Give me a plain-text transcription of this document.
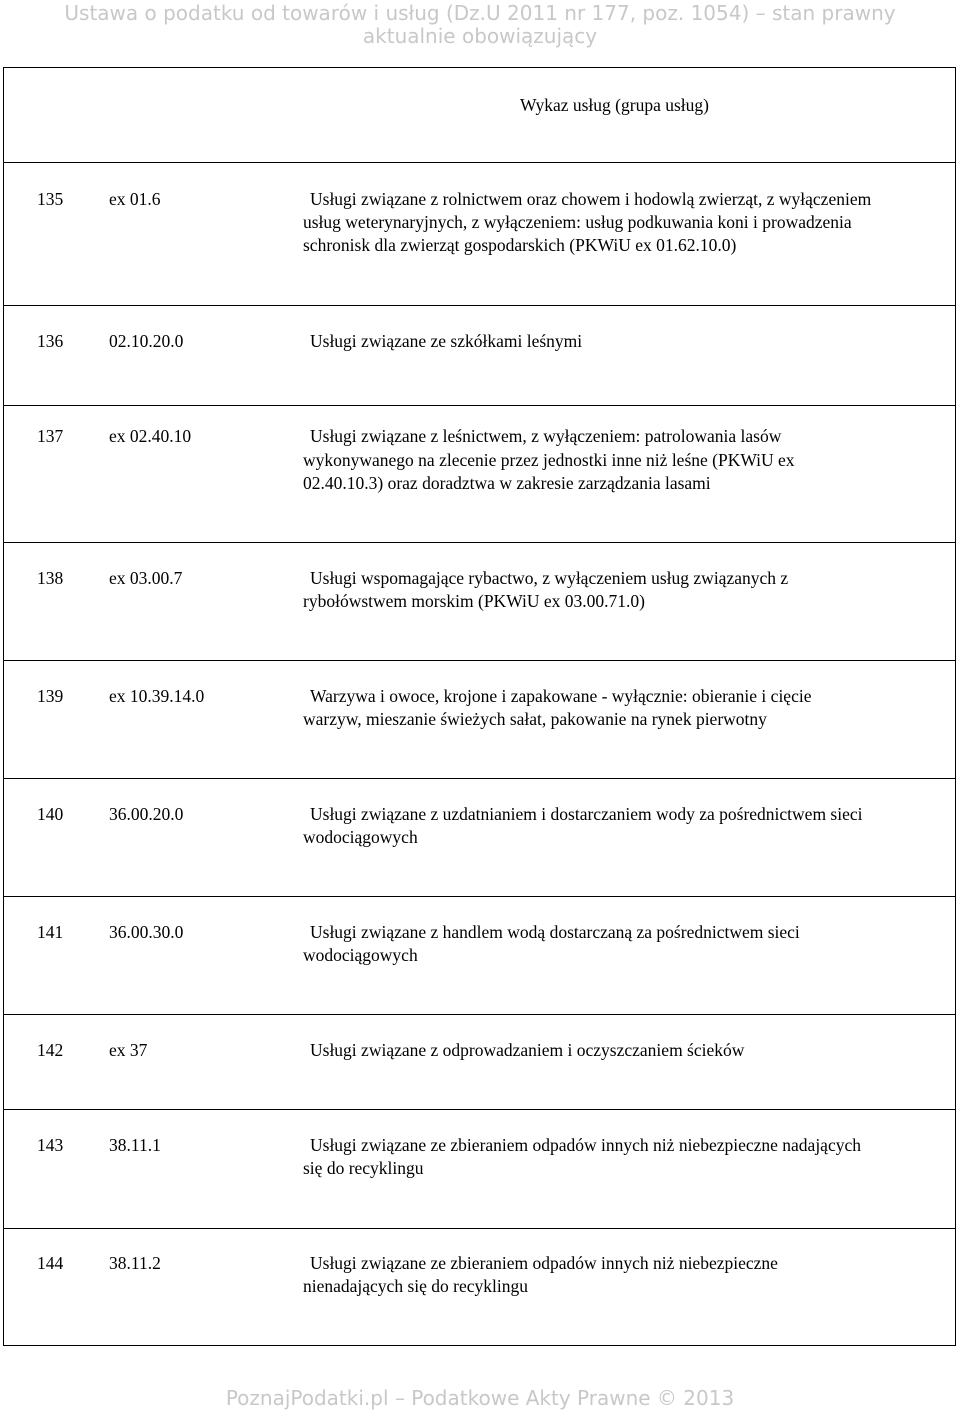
Ustawa o podatku od towarów i usług (Dz.U 2011 nr 177, poz. 1054) – stan prawny
aktualnie obowiązujący
Wykaz usług (grupa usług)
135	ex 01.6	Usługi związane z rolnictwem oraz chowem i hodowlą zwierząt, z wyłączeniem
usług weterynaryjnych, z wyłączeniem: usług podkuwania koni i prowadzenia
schronisk dla zwierząt gospodarskich (PKWiU ex 01.62.10.0)
136	02.10.20.0	Usługi związane ze szkółkami leśnymi
137	ex 02.40.10	Usługi związane z leśnictwem, z wyłączeniem: patrolowania lasów
wykonywanego na zlecenie przez jednostki inne niż leśne (PKWiU ex
02.40.10.3) oraz doradztwa w zakresie zarządzania lasami
138	ex 03.00.7	Usługi wspomagające rybactwo, z wyłączeniem usług związanych z
rybołówstwem morskim (PKWiU ex 03.00.71.0)
139	ex 10.39.14.0	Warzywa i owoce, krojone i zapakowane - wyłącznie: obieranie i cięcie
warzyw, mieszanie świeżych sałat, pakowanie na rynek pierwotny
140	36.00.20.0	Usługi związane z uzdatnianiem i dostarczaniem wody za pośrednictwem sieci
wodociągowych
141	36.00.30.0	Usługi związane z handlem wodą dostarczaną za pośrednictwem sieci
wodociągowych
142	ex 37	Usługi związane z odprowadzaniem i oczyszczaniem ścieków
143	38.11.1	Usługi związane ze zbieraniem odpadów innych niż niebezpieczne nadających
się do recyklingu
144	38.11.2	Usługi związane ze zbieraniem odpadów innych niż niebezpieczne
nienadających się do recyklingu
PoznajPodatki.pl – Podatkowe Akty Prawne © 2013
